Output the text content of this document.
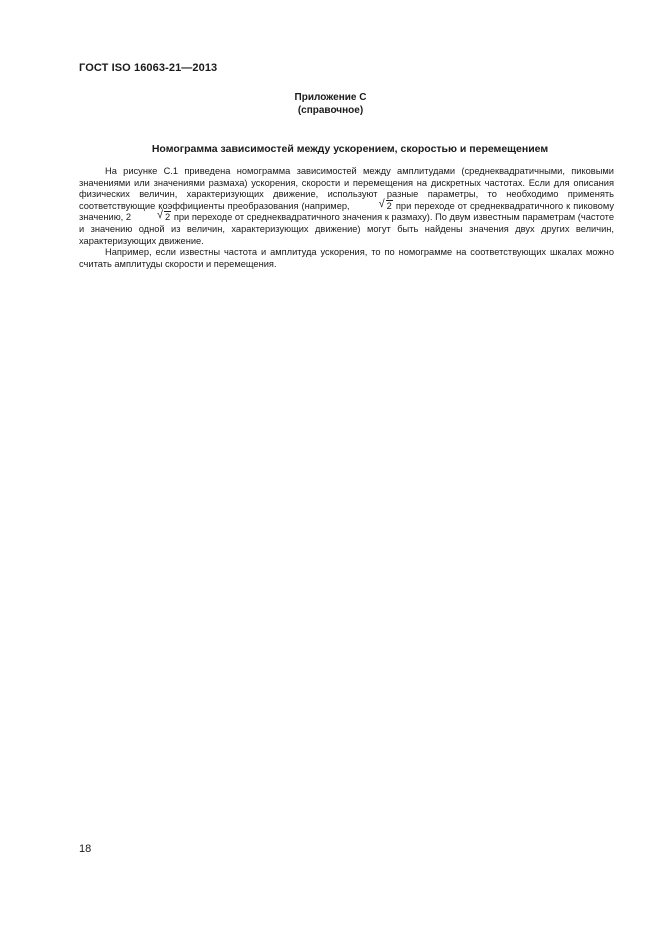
ГОСТ ISO 16063-21—2013
Приложение С
(справочное)
Номограмма зависимостей между ускорением, скоростью и перемещением

На рисунке С.1 приведена номограмма зависимостей между амплитудами (среднеквадратичными, пиковыми значениями или значениями размаха) ускорения, скорости и перемещения на дискретных частотах. Если для описания физических величин, характеризующих движение, используют разные параметры, то необходимо применять соответствующие коэффициенты преобразования (например,	√ 2 при переходе от среднеквадратичного к пиковому значению, 2	√ 2 при переходе от среднеквадратичного значения к размаху). По двум известным параметрам (частоте и значению одной из величин, характеризующих движение) могут быть найдены значения двух других величин, характеризующих движение.

Например, если известны частота и амплитуда ускорения, то по номограмме на соответствующих шкалах можно считать амплитуды скорости и перемещения.

18
